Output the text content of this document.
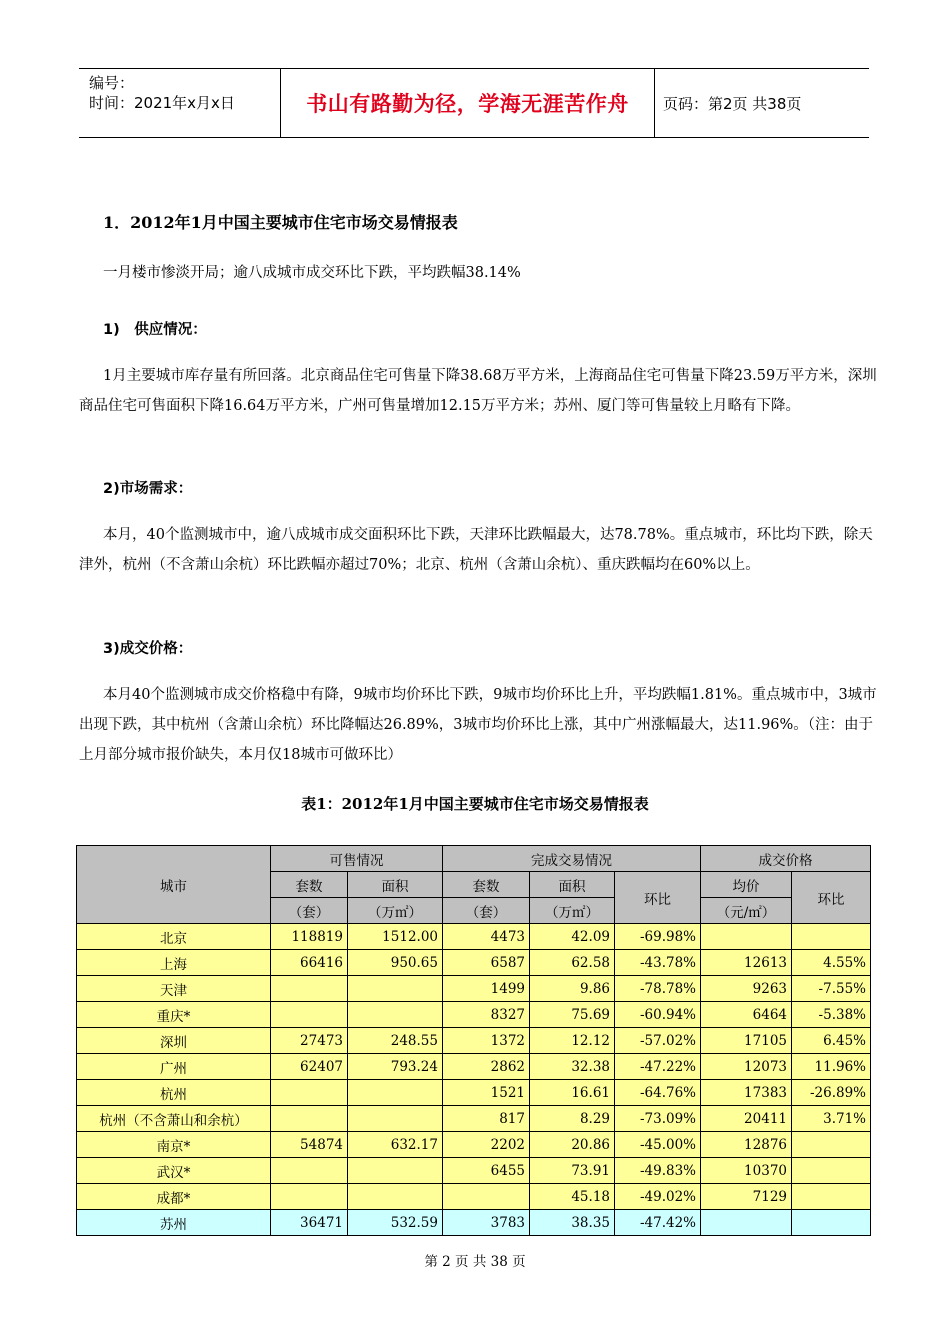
编号：
时间：2021年x月x日	书山有路勤为径，学海无涯苦作舟	页码：第2页 共38页
1．2012年1月中国主要城市住宅市场交易情报表
一月楼市惨淡开局；逾八成城市成交环比下跌，平均跌幅38.14%
1)　供应情况：
1月主要城市库存量有所回落。北京商品住宅可售量下降38.68万平方米，上海商品住宅可售量下降23.59万平方米，深圳商品住宅可售面积下降16.64万平方米，广州可售量增加12.15万平方米；苏州、厦门等可售量较上月略有下降。
2)市场需求：
本月，40个监测城市中，逾八成城市成交面积环比下跌，天津环比跌幅最大，达78.78%。重点城市，环比均下跌，除天津外，杭州（不含萧山余杭）环比跌幅亦超过70%；北京、杭州（含萧山余杭）、重庆跌幅均在60%以上。
3)成交价格：
本月40个监测城市成交价格稳中有降，9城市均价环比下跌，9城市均价环比上升，平均跌幅1.81%。重点城市中，3城市出现下跌，其中杭州（含萧山余杭）环比降幅达26.89%，3城市均价环比上涨，其中广州涨幅最大，达11.96%。（注：由于上月部分城市报价缺失，本月仅18城市可做环比）
表1：2012年1月中国主要城市住宅市场交易情报表
城市	可售情况		完成交易情况			成交价格	
	套数	面积	套数	面积	环比	均价	环比
	（套）	（万㎡）	（套）	（万㎡）		（元/㎡）	
北京	118819	1512.00	4473	42.09	-69.98%		
上海	66416	950.65	6587	62.58	-43.78%	12613	4.55%
天津			1499	9.86	-78.78%	9263	-7.55%
重庆*			8327	75.69	-60.94%	6464	-5.38%
深圳	27473	248.55	1372	12.12	-57.02%	17105	6.45%
广州	62407	793.24	2862	32.38	-47.22%	12073	11.96%
杭州			1521	16.61	-64.76%	17383	-26.89%
杭州（不含萧山和余杭）			817	8.29	-73.09%	20411	3.71%
南京*	54874	632.17	2202	20.86	-45.00%	12876	
武汉*			6455	73.91	-49.83%	10370	
成都*				45.18	-49.02%	7129	
苏州	36471	532.59	3783	38.35	-47.42%		
第 2 页 共 38 页
